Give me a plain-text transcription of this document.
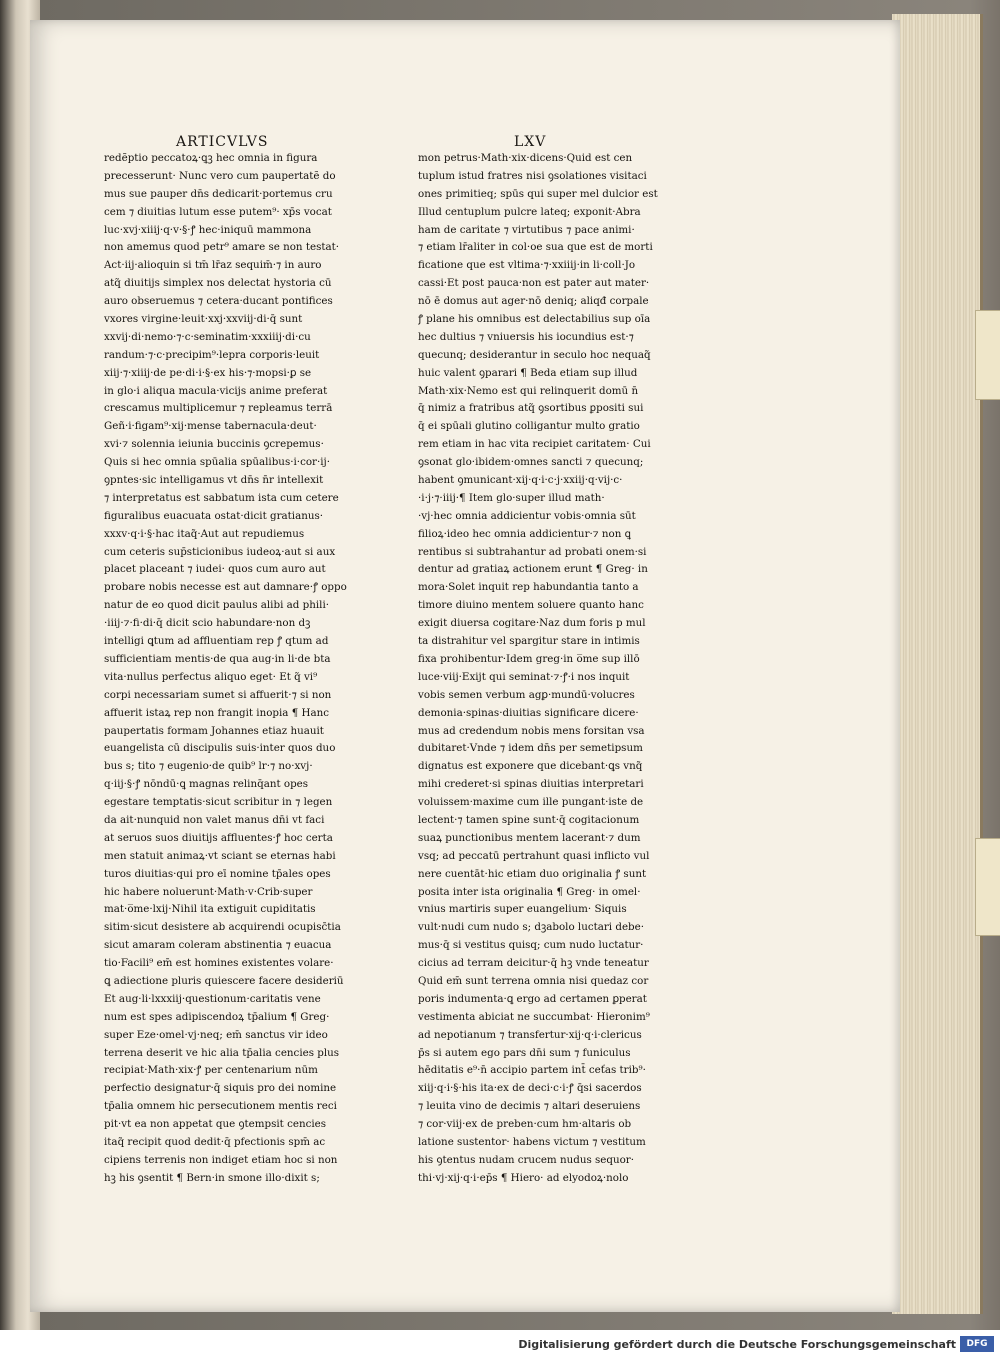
ARTICVLVS	LXV
redẽptio peccatoꝝ·ꝗꝫ hec omnia in figura
precesserunt· Nunc vero cum paupertatẽ do
mus sue pauper dn̄s dedicarit·portemus cru
cem ⁊ diuitias lutum esse putem⁹· xp̄s vocat
luc·xvj·xiiij·q·v·§·ꝭ hec·iniquū mammona
non amemus quod petr⁹ amare se non testat·
Act·iij·alioquin si tm̄ lr̄az sequim̄·⁊ in auro
atq̃ diuitijs simplex nos delectat hystoria cū
auro obseruemus ⁊ cetera·ducant pontifices
vxores virgine·leuit·xxj·xxviij·di·q̄ sunt
xxvij·di·nemo·⁊·c·seminatim·xxxiiij·di·cu
randum·⁊·c·precipim⁹·lepra corporis·leuit
xiij·⁊·xiiij·de pe·di·i·§·ex his·⁊·mopsi·ꝑ se
in glo·i aliqua macula·vicijs anime preferat
crescamus multiplicemur ⁊ repleamus terrā
Geñ·i·figam⁹·xij·mense tabernacula·deut·
xvi·⁊ solennia ieiunia buccinis ꝯcrepemus·
Quis si hec omnia spūalia spūalibus·i·cor·ij·
ꝯpntes·sic intelligamus vt dn̄s n̄r intellexit
⁊ interpretatus est sabbatum ista cum cetere
figuralibus euacuata ostat·dicit gratianus·
xxxv·q·i·§·hac itaq̃·Aut aut repudiemus
cum ceteris sup̄sticionibus iudeoꝝ·aut si aux
placet placeant ⁊ iudei· quos cum auro aut
probare nobis necesse est aut damnare·ꝭ oppo
natur de eo quod dicit paulus alibi ad phili·
·iiij·⁊·fi·di·q̄ dicit scio habundare·non dꝫ
intelligi ꝗtum ad affluentiam rep ꝭ qtum ad
sufficientiam mentis·de qua aug·in li·de bta
vita·nullus perfectus aliquo eget· Et q̃ vi⁹
corpi necessariam sumet si affuerit·⁊ si non
affuerit istaꝝ rep non frangit inopia ¶ Hanc
paupertatis formam Johannes etiaz huauit
euangelista cū discipulis suis·inter quos duo
bus s; tito ⁊ eugenio·de quib⁹ lr·⁊ no·xvj·
q·iij·§·ꝭ nōndū·ꝗ magnas relinq̄ant opes
egestare temptatis·sicut scribitur in ⁊ legen
da ait·nunquid non valet manus dn̄i vt faci
at seruos suos diuitijs affluentes·ꝭ hoc certa
men statuit animaꝝ·vt sciant se eternas habi
turos diuitias·qui pro eī nomine tp̄ales opes
hic habere noluerunt·Math·v·Crib·super
mat·o̅me·lxij·Nihil ita extiguit cupiditatis
sitim·sicut desistere ab acquirendi ocupisc̄tia
sicut amaram coleram abstinentia ⁊ euacua
tio·Facili⁹ em̄ est homines existentes volare·
ꝗ adiectione pluris quiescere facere desideriū
Et aug·li·lxxxiij·questionum·caritatis vene
num est spes adipiscendoꝝ tp̄alium ¶ Greg·
super Eze·omel·vj·neq; em̄ sanctus vir ideo
terrena deserit ve hic alia tp̄alia cencies plus
recipiat·Math·xix·ꝭ per centenarium nūm
perfectio designatur·q̄ siquis pro dei nomine
tp̄alia omnem hic persecutionem mentis reci
pit·vt ea non appetat que ꝯtempsit cencies
itaq̃ recipit quod dedit·q̄ pfectionis spm̄ ac
cipiens terrenis non indiget etiam hoc si non
hꝫ his ꝯsentit ¶ Bern·in smone illo·dixit s;
mon petrus·Math·xix·dicens·Quid est cen
tuplum istud fratres nisi ꝯsolationes visitaci
ones primitieq; spūs qui super mel dulcior est
Illud centuplum pulcre lateq; exponit·Abra
ham de caritate ⁊ virtutibus ⁊ pace animi·
⁊ etiam lr̄aliter in col·oe sua que est de morti
ficatione que est vltima·⁊·xxiiij·in li·coll·Jo
cassi·Et post pauca·non est pater aut mater·
nō ē domus aut ager·nō deniq; aliqđ corpale
ꝭ plane his omnibus est delectabilius sup oīa
hec dultius ⁊ vniuersis his iocundius est·⁊
quecunq; desiderantur in seculo hoc nequaq̃
huic valent ꝯparari ¶ Beda etiam sup illud
Math·xix·Nemo est qui relinquerit domū n̄
q̄ nimiz a fratribus atq̃ ꝯsortibus ꝑpositi sui
q̄ ei spūali glutino colligantur multo gratio
rem etiam in hac vita recipiet caritatem· Cui
ꝯsonat glo·ibidem·omnes sancti ⁊ quecunq;
habent ꝯmunicant·xij·q·i·c·j·xxiij·q·vij·c·
·i·j·⁊·iiij·¶ Item glo·super illud math·
·vj·hec omnia addicientur vobis·omnia sūt
filioꝝ·ideo hec omnia addicientur·⁊ non ꝗ
rentibus si subtrahantur ad probati onem·si
dentur ad gratiaꝝ actionem erunt ¶ Greg· in
mora·Solet inquit rep habundantia tanto a
timore diuino mentem soluere quanto hanc
exigit diuersa cogitare·Naz dum foris p mul
ta distrahitur vel spargitur stare in intimis
fixa prohibentur·Idem greg·in o̅me sup illō
luce·viij·Exijt qui seminat·⁊·ꝭ·i nos inquit
vobis semen verbum agꝑ·mundū·volucres
demonia·spinas·diuitias significare dicere·
mus ad credendum nobis mens forsitan vsa
dubitaret·Vnde ⁊ idem dn̄s per semetipsum
dignatus est exponere que dicebant·ꝗs vnq̃
mihi crederet·si spinas diuitias interpretari
voluissem·maxime cum ille pungant·iste de
lectent·⁊ tamen spine sunt·q̄ cogitacionum
suaꝝ punctionibus mentem lacerant·⁊ dum
vsq; ad peccatū pertrahunt quasi inflicto vul
nere cuentāt·hic etiam duo originalia ꝭ sunt
posita inter ista originalia ¶ Greg· in omel·
vnius martiris super euangelium· Siquis
vult·nudi cum nudo s; dꝫabolo luctari debe·
mus·q̄ si vestitus quisq; cum nudo luctatur·
cicius ad terram deicitur·q̄ hꝫ vnde teneatur
Quid em̄ sunt terrena omnia nisi quedaz cor
poris indumenta·ꝗ ergo ad certamen ꝑperat
vestimenta abiciat ne succumbat· Hieronim⁹
ad nepotianum ⁊ transfertur·xij·q·i·clericus
p̄s si autem ego pars dn̄i sum ⁊ funiculus
hēditatis e⁹·n̄ accipio partem int̄ ceťas trib⁹·
xiij·q·i·§·his ita·ex de deci·c·i·ꝭ q̄si sacerdos
⁊ leuita vino de decimis ⁊ altari deseruiens
⁊ cor·viij·ex de preben·cum hm·altaris ob
latione sustentor· habens victum ⁊ vestitum
his ꝯtentus nudam crucem nudus sequor·
thi·vj·xij·q·i·ep̄s ¶ Hiero· ad elyodoꝝ·nolo
Digitalisierung gefördert durch die Deutsche Forschungsgemeinschaft	DFG
